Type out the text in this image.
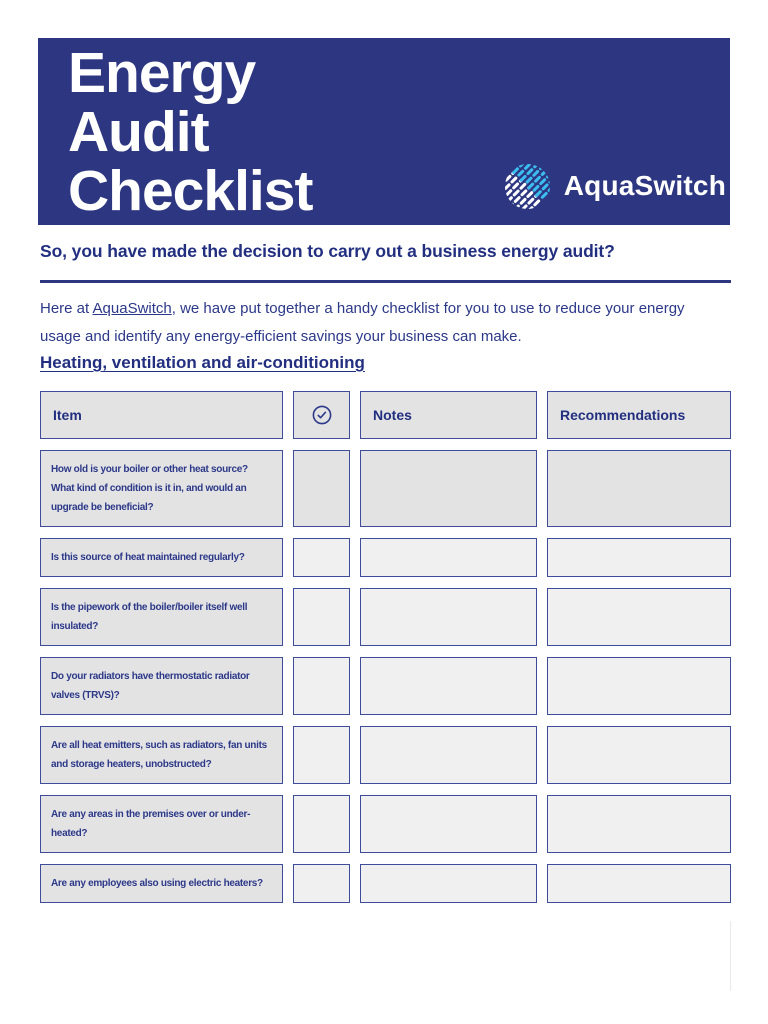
Energy
Audit
Checklist	AquaSwitch
So, you have made the decision to carry out a business energy audit?

Here at AquaSwitch, we have put together a handy checklist for you to use to reduce your energy usage and identify any energy-efficient savings your business can make.

Heating, ventilation and air-conditioning
Item	Notes	Recommendations
How old is your boiler or other heat source? What kind of condition is it in, and would an upgrade be beneficial?
Is this source of heat maintained regularly?
Is the pipework of the boiler/boiler itself well insulated?
Do your radiators have thermostatic radiator valves (TRVS)?
Are all heat emitters, such as radiators, fan units and storage heaters, unobstructed?
Are any areas in the premises over or under-heated?
Are any employees also using electric heaters?
